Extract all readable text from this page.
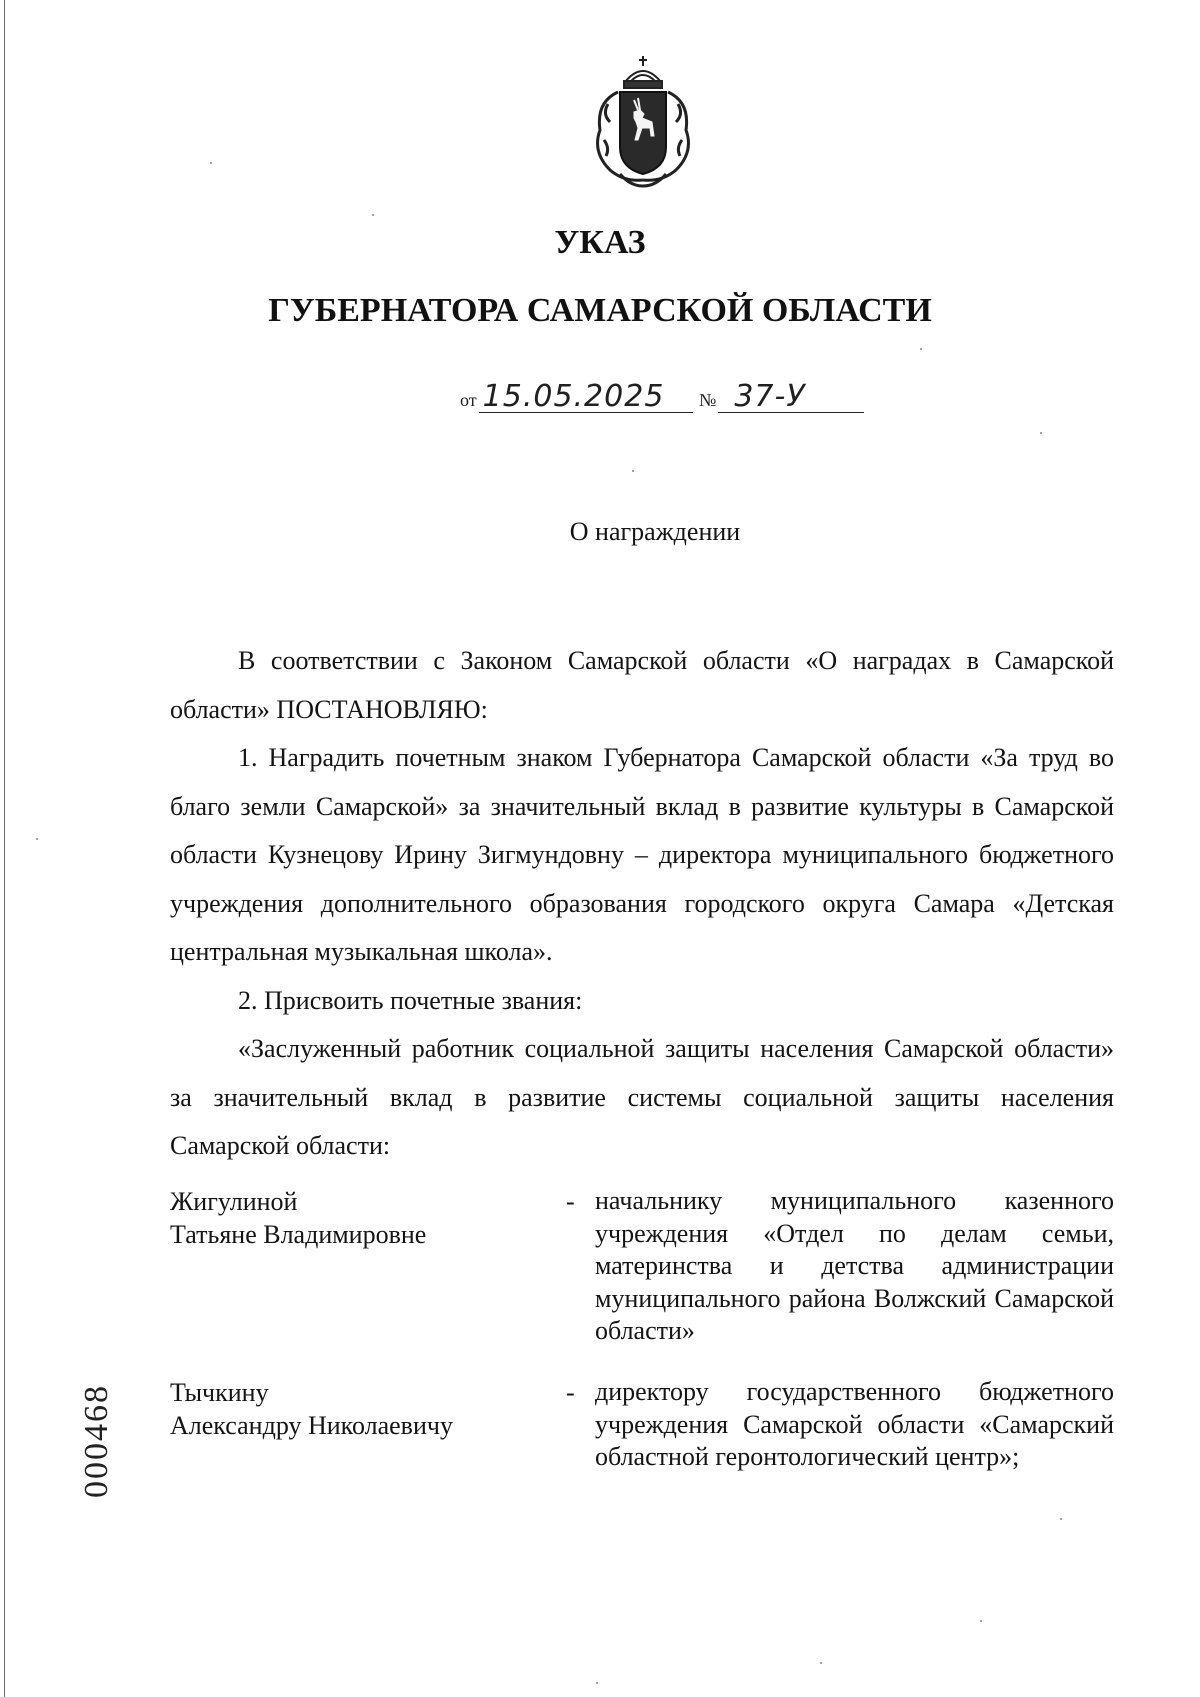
УКАЗ
ГУБЕРНАТОРА САМАРСКОЙ ОБЛАСТИ
от 15.05.2025 № 37-У
О награждении

В соответствии с Законом Самарской области «О наградах в Самарской области» ПОСТАНОВЛЯЮ:

1. Наградить почетным знаком Губернатора Самарской области «За труд во благо земли Самарской» за значительный вклад в развитие культуры в Самарской области Кузнецову Ирину Зигмундовну – директора муниципального бюджетного учреждения дополнительного образования городского округа Самара «Детская центральная музыкальная школа».

2. Присвоить почетные звания:

«Заслуженный работник социальной защиты населения Самарской области» за значительный вклад в развитие системы социальной защиты населения Самарской области:

Жигулиной
Татьяне Владимировне
- начальнику муниципального казенного учреждения «Отдел по делам семьи, материнства и детства администрации муниципального района Волжский Самарской области»
Тычкину
Александру Николаевичу
- директору государственного бюджетного учреждения Самарской области «Самарский областной геронтологический центр»;
000468
